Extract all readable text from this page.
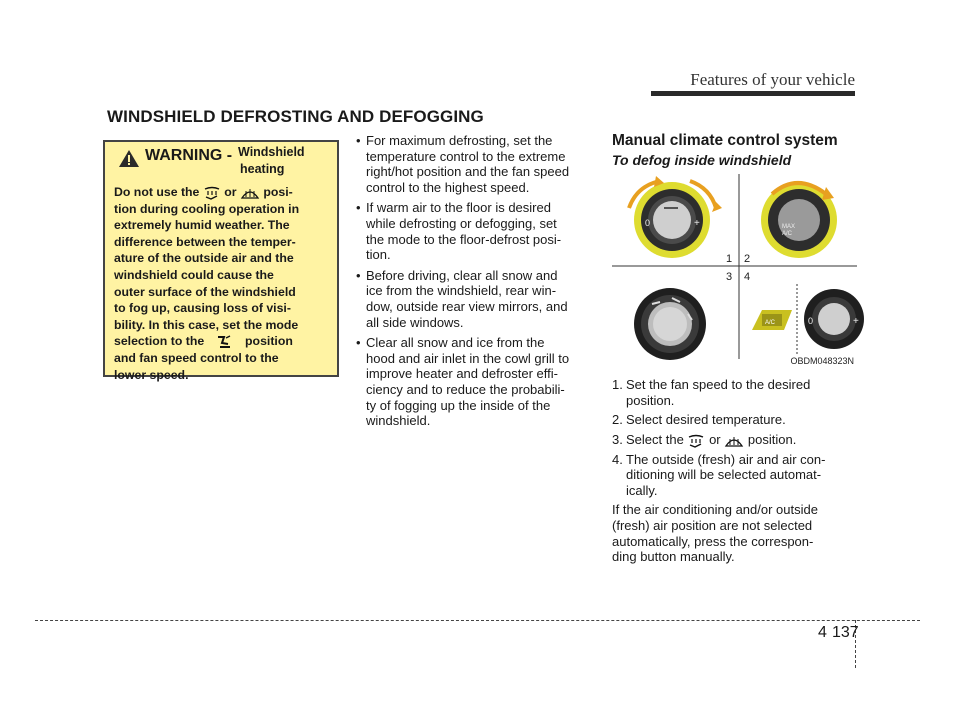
Features of your vehicle
WINDSHIELD DEFROSTING AND DEFOGGING
WARNING - Windshield
heating
Do not use the or posi-
tion during cooling operation in
extremely humid weather. The
difference between the temper-
ature of the outside air and the
windshield could cause the
outer surface of the windshield
to fog up, causing loss of visi-
bility. In this case, set the mode
selection to the	position
and fan speed control to the
lower speed.
• For maximum defrosting, set the
temperature control to the extreme
right/hot position and the fan speed
control to the highest speed.
• If warm air to the floor is desired
while defrosting or defogging, set
the mode to the floor-defrost posi-
tion.
• Before driving, clear all snow and
ice from the windshield, rear win-
dow, outside rear view mirrors, and
all side windows.
• Clear all snow and ice from the
hood and air inlet in the cowl grill to
improve heater and defroster effi-
ciency and to reduce the probabili-
ty of fogging up the inside of the
windshield.
Manual climate control system
To defog inside windshield
0	+	MAX
A/C
1 2
3 4
A/C	0	+
OBDM048323N
1. Set the fan speed to the desired
position.
2. Select desired temperature.
3. Select the or position.
4. The outside (fresh) air and air con-
ditioning will be selected automat-
ically.
If the air conditioning and/or outside
(fresh) air position are not selected
automatically, press the correspon-
ding button manually.
4 137
